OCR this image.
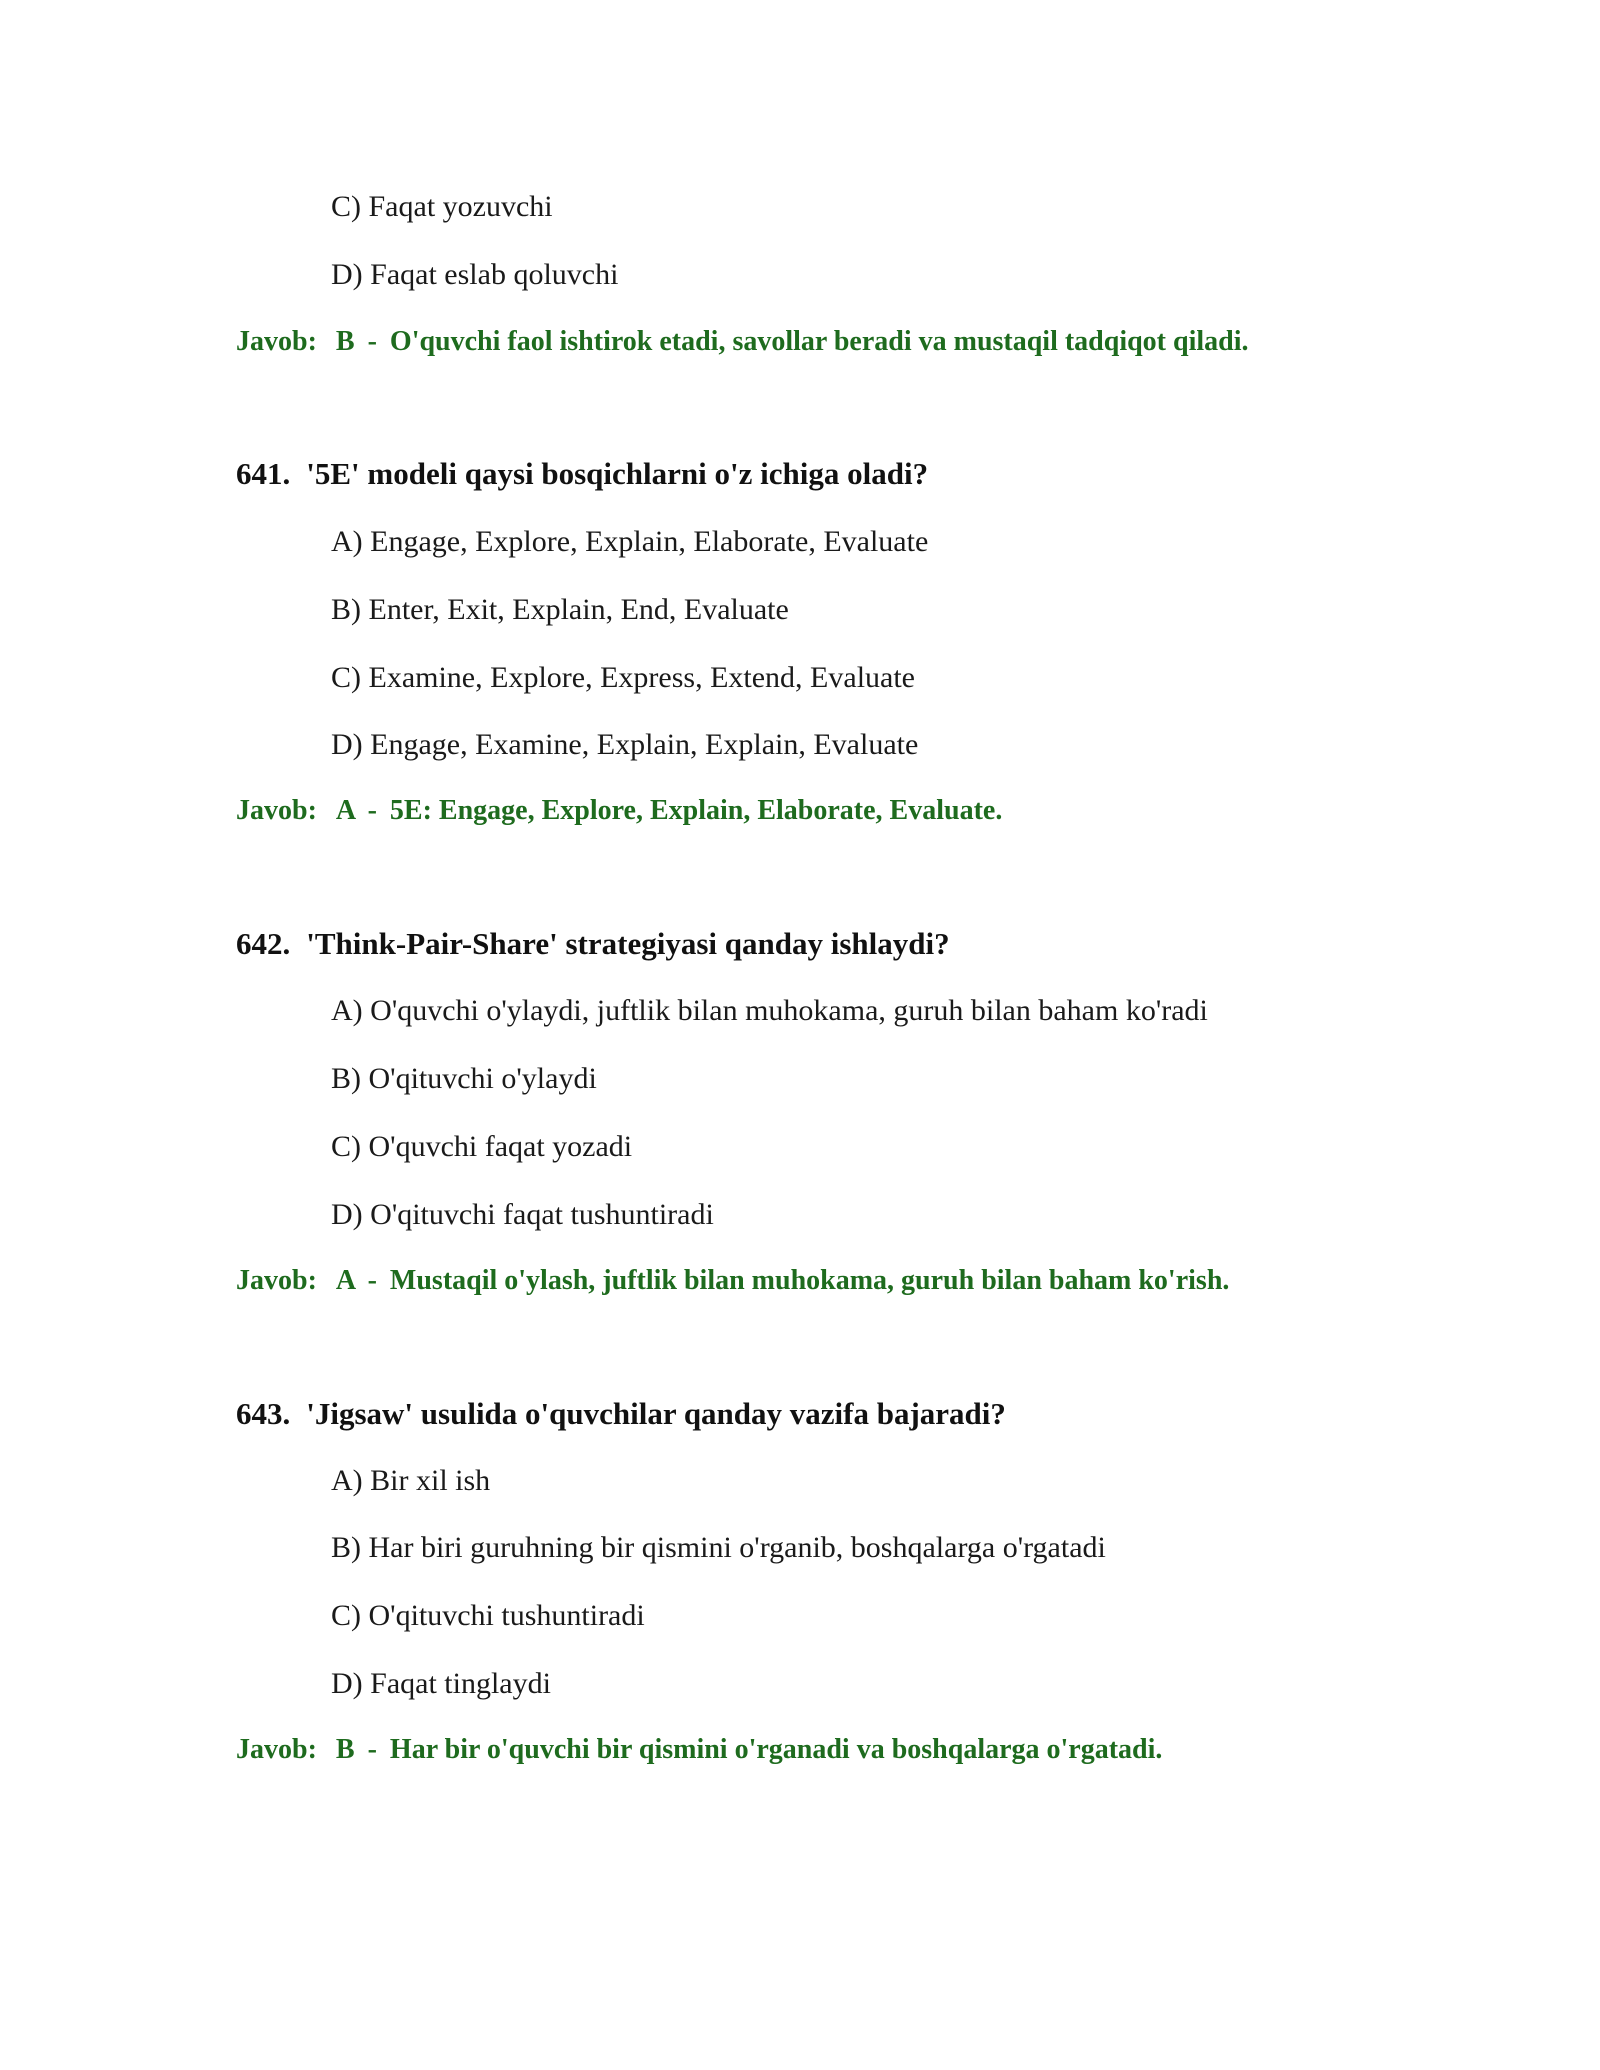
C) Faqat yozuvchi
D) Faqat eslab qoluvchi
Javob: B - O'quvchi faol ishtirok etadi, savollar beradi va mustaqil tadqiqot qiladi.
641. '5E' modeli qaysi bosqichlarni o'z ichiga oladi?
A) Engage, Explore, Explain, Elaborate, Evaluate
B) Enter, Exit, Explain, End, Evaluate
C) Examine, Explore, Express, Extend, Evaluate
D) Engage, Examine, Explain, Explain, Evaluate
Javob: A - 5E: Engage, Explore, Explain, Elaborate, Evaluate.
642. 'Think-Pair-Share' strategiyasi qanday ishlaydi?
A) O'quvchi o'ylaydi, juftlik bilan muhokama, guruh bilan baham ko'radi
B) O'qituvchi o'ylaydi
C) O'quvchi faqat yozadi
D) O'qituvchi faqat tushuntiradi
Javob: A - Mustaqil o'ylash, juftlik bilan muhokama, guruh bilan baham ko'rish.
643. 'Jigsaw' usulida o'quvchilar qanday vazifa bajaradi?
A) Bir xil ish
B) Har biri guruhning bir qismini o'rganib, boshqalarga o'rgatadi
C) O'qituvchi tushuntiradi
D) Faqat tinglaydi
Javob: B - Har bir o'quvchi bir qismini o'rganadi va boshqalarga o'rgatadi.
